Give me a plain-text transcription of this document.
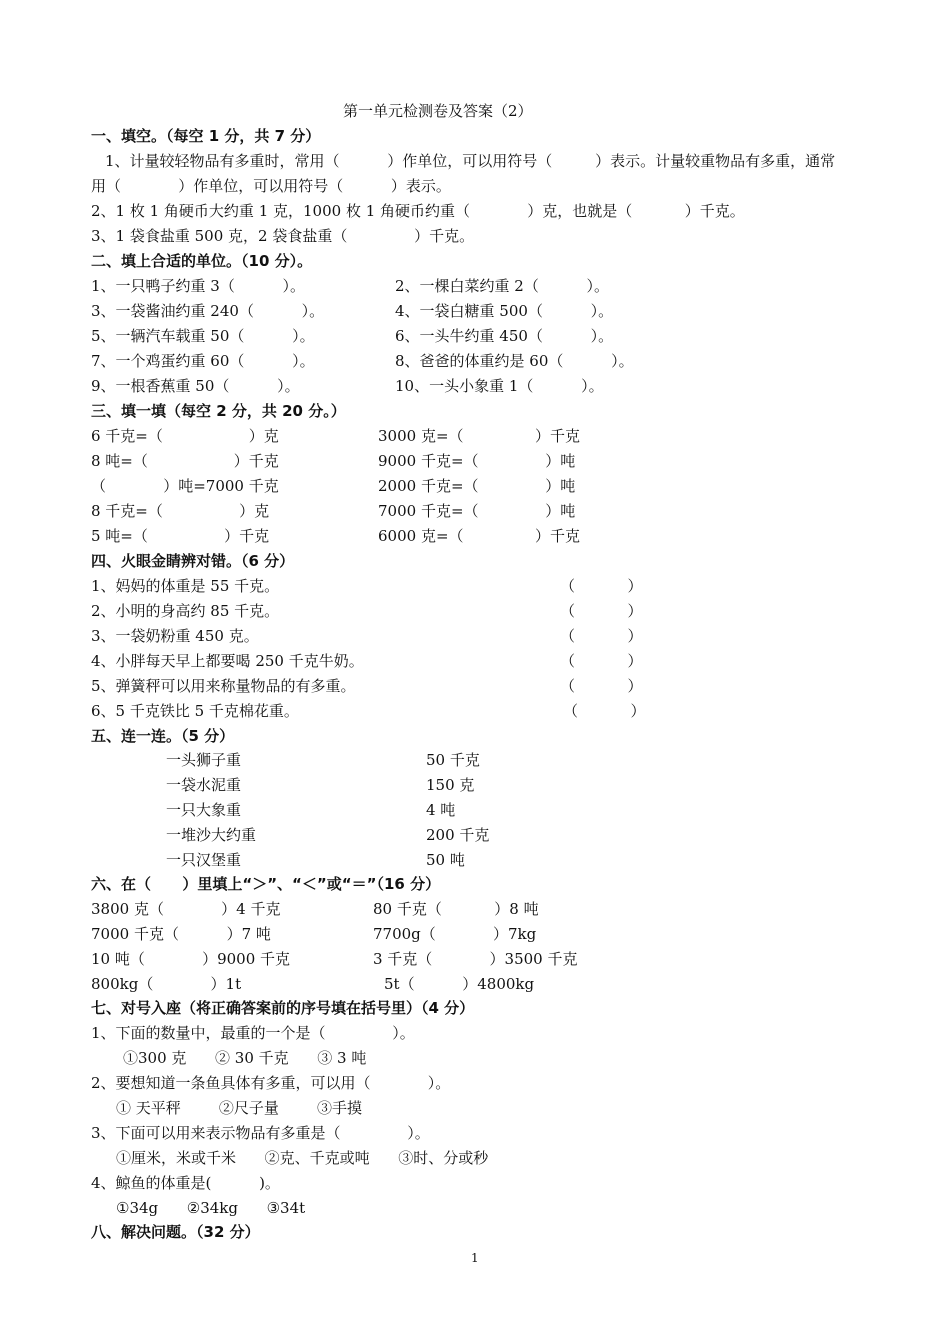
第一单元检测卷及答案（2）
一、填空。（每空 1 分，共 7 分）
1、计量较轻物品有多重时，常用（          ）作单位，可以用符号（         ）表示。计量较重物品有多重，通常
用（            ）作单位，可以用符号（          ）表示。
2、1 枚 1 角硬币大约重 1 克，1000 枚 1 角硬币约重（            ）克，也就是（           ）千克。
3、1 袋食盐重 500 克，2 袋食盐重（              ）千克。
二、填上合适的单位。（10 分）。
1、一只鸭子约重 3（          ）。	2、一棵白菜约重 2（          ）。
3、一袋酱油约重 240（          ）。	4、一袋白糖重 500（          ）。
5、一辆汽车载重 50（          ）。	6、一头牛约重 450（          ）。
7、一个鸡蛋约重 60（          ）。	8、爸爸的体重约是 60（          ）。
9、一根香蕉重 50（          ）。	10、一头小象重 1（          ）。
三、填一填（每空 2 分，共 20 分。）
6 千克=（                  ）克	3000 克=（               ）千克
8 吨=（                  ）千克	9000 千克=（              ）吨
（            ）吨=7000 千克	2000 千克=（              ）吨
8 千克=（                ）克	7000 千克=（              ）吨
5 吨=（                ）千克	6000 克=（               ）千克
四、火眼金睛辨对错。（6 分）
1、妈妈的体重是 55 千克。	（           ）
2、小明的身高约 85 千克。	（           ）
3、一袋奶粉重 450 克。	（           ）
4、小胖每天早上都要喝 250 千克牛奶。	（           ）
5、弹簧秤可以用来称量物品的有多重。	（           ）
6、5 千克铁比 5 千克棉花重。	（           ）
五、连一连。（5 分）
一头狮子重	50 千克
一袋水泥重	150 克
一只大象重	4 吨
一堆沙大约重	200 千克
一只汉堡重	50 吨
六、在（      ）里填上“＞”、“＜”或“＝”（16 分）
3800 克（            ）4 千克	80 千克（           ）8 吨
7000 千克（          ）7 吨	7700g（            ）7kg
10 吨（            ）9000 千克	3 千克（            ）3500 千克
800kg（            ）1t	5t（          ）4800kg
七、对号入座（将正确答案前的序号填在括号里）（4 分）
1、下面的数量中，最重的一个是（              ）。
①300 克      ② 30 千克      ③ 3 吨
2、要想知道一条鱼具体有多重，可以用（            ）。
① 天平秤        ②尺子量        ③手摸
3、下面可以用来表示物品有多重是（              ）。
①厘米，米或千米      ②克、千克或吨      ③时、分或秒
4、鲸鱼的体重是(          )。
①34g      ②34kg      ③34t
八、解决问题。（32 分）
1
